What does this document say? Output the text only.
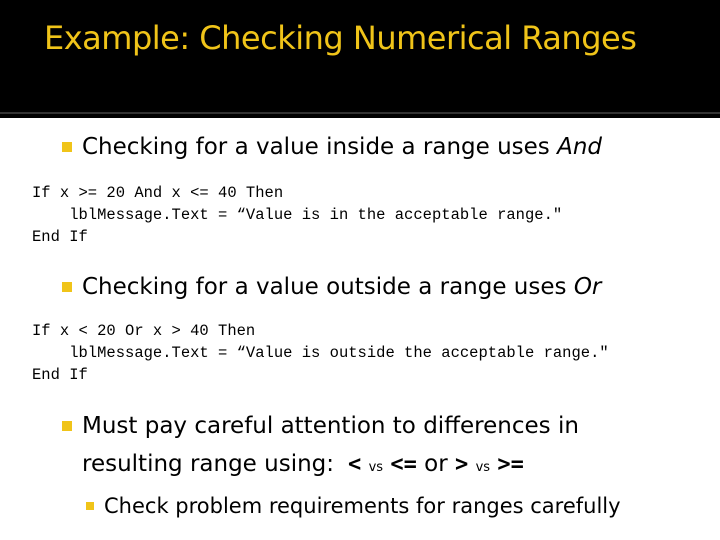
Example: Checking Numerical Ranges
Checking for a value inside a range uses And
If x >= 20 And x <= 40 Then
lblMessage.Text = “Value is in the acceptable range."
End If
Checking for a value outside a range uses Or
If x < 20 Or x > 40 Then
lblMessage.Text = “Value is outside the acceptable range."
End If
Must pay careful attention to differences in
resulting range using: < vs <= or > vs >=
Check problem requirements for ranges carefully
